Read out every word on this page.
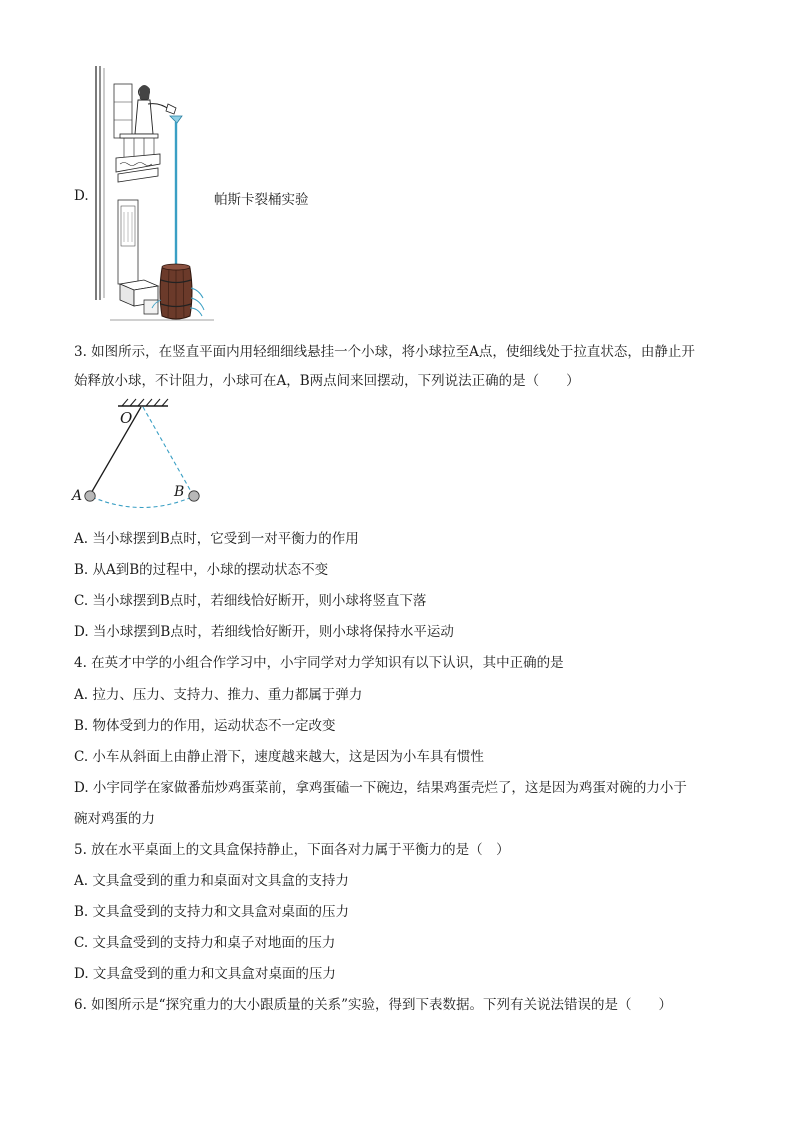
D.	帕斯卡裂桶实验
3. 如图所示，在竖直平面内用轻细细线悬挂一个小球，将小球拉至A点，使细线处于拉直状态，由静止开
始释放小球，不计阻力，小球可在A，B两点间来回摆动，下列说法正确的是（　　）
O
A	B
A. 当小球摆到B点时，它受到一对平衡力的作用
B. 从A到B的过程中，小球的摆动状态不变
C. 当小球摆到B点时，若细线恰好断开，则小球将竖直下落
D. 当小球摆到B点时，若细线恰好断开，则小球将保持水平运动
4. 在英才中学的小组合作学习中，小宇同学对力学知识有以下认识，其中正确的是
A. 拉力、压力、支持力、推力、重力都属于弹力
B. 物体受到力的作用，运动状态不一定改变
C. 小车从斜面上由静止滑下，速度越来越大，这是因为小车具有惯性
D. 小宇同学在家做番茄炒鸡蛋菜前，拿鸡蛋磕一下碗边，结果鸡蛋壳烂了，这是因为鸡蛋对碗的力小于
碗对鸡蛋的力
5. 放在水平桌面上的文具盒保持静止，下面各对力属于平衡力的是（　）
A. 文具盒受到的重力和桌面对文具盒的支持力
B. 文具盒受到的支持力和文具盒对桌面的压力
C. 文具盒受到的支持力和桌子对地面的压力
D. 文具盒受到的重力和文具盒对桌面的压力
6. 如图所示是“探究重力的大小跟质量的关系”实验，得到下表数据。下列有关说法错误的是（　　）
